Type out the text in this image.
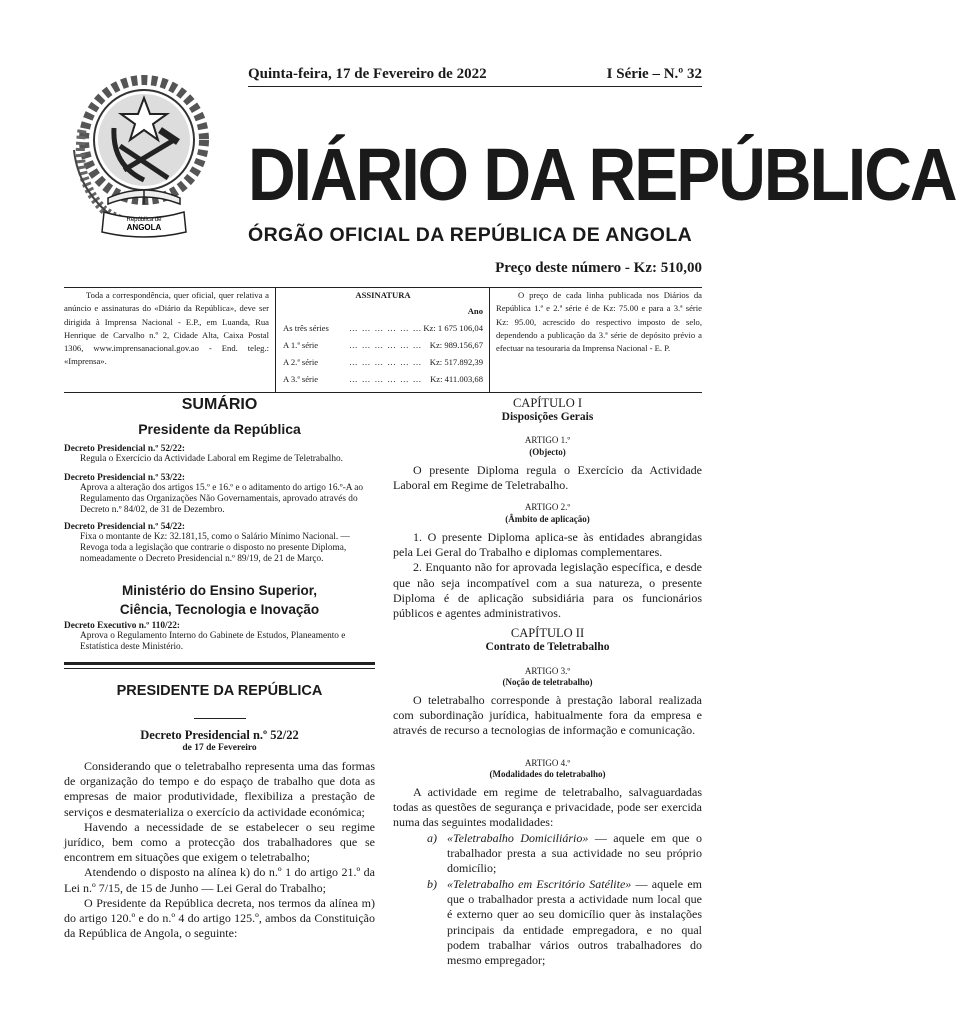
República de
ANGOLA
Quinta-feira, 17 de Fevereiro de 2022	I Série – N.º 32
DIÁRIO DA REPÚBLICA
ÓRGÃO OFICIAL DA REPÚBLICA DE ANGOLA
Preço deste número - Kz: 510,00
Toda a correspondência, quer oficial, quer relativa a anúncio e assinaturas do «Diário da República», deve ser dirigida à Imprensa Nacional - E.P., em Luanda, Rua Henrique de Carvalho n.º 2, Cidade Alta, Caixa Postal 1306, www.imprensanacional.gov.ao - End. teleg.: «Imprensa».
ASSINATURA
Ano
As três séries … … … … … … Kz: 1 675 106,04
A 1.ª série	… … … … … … Kz: 989.156,67
A 2.ª série	… … … … … … Kz: 517.892,39
A 3.ª série	… … … … … … Kz: 411.003,68
O preço de cada linha publicada nos Diários da República 1.ª e 2.ª série é de Kz: 75.00 e para a 3.ª série Kz: 95.00, acrescido do respectivo imposto de selo, dependendo a publicação da 3.ª série de depósito prévio a efectuar na tesouraria da Imprensa Nacional - E. P.
SUMÁRIO
Presidente da República
Decreto Presidencial n.º 52/22:
Regula o Exercício da Actividade Laboral em Regime de Teletrabalho.
Decreto Presidencial n.º 53/22:
Aprova a alteração dos artigos 15.º e 16.º e o aditamento do artigo 16.º-A ao Regulamento das Organizações Não Governamentais, aprovado através do Decreto n.º 84/02, de 31 de Dezembro.
Decreto Presidencial n.º 54/22:
Fixa o montante de Kz: 32.181,15, como o Salário Mínimo Nacional. — Revoga toda a legislação que contrarie o disposto no presente Diploma, nomeadamente o Decreto Presidencial n.º 89/19, de 21 de Março.
Ministério do Ensino Superior,
Ciência, Tecnologia e Inovação
Decreto Executivo n.º 110/22:
Aprova o Regulamento Interno do Gabinete de Estudos, Planeamento e Estatística deste Ministério.
PRESIDENTE DA REPÚBLICA
Decreto Presidencial n.º 52/22
de 17 de Fevereiro
Considerando que o teletrabalho representa uma das formas de organização do tempo e do espaço de trabalho que dota as empresas de maior produtividade, flexibiliza a prestação de serviços e desmaterializa o exercício da actividade económica;
Havendo a necessidade de se estabelecer o seu regime jurídico, bem como a protecção dos trabalhadores que se encontrem em situações que exigem o teletrabalho;
Atendendo o disposto na alínea k) do n.º 1 do artigo 21.º da Lei n.º 7/15, de 15 de Junho — Lei Geral do Trabalho;
O Presidente da República decreta, nos termos da alínea m) do artigo 120.º e do n.º 4 do artigo 125.º, ambos da Constituição da República de Angola, o seguinte:
CAPÍTULO I
Disposições Gerais
ARTIGO 1.º
(Objecto)
O presente Diploma regula o Exercício da Actividade Laboral em Regime de Teletrabalho.
ARTIGO 2.º
(Âmbito de aplicação)
1. O presente Diploma aplica-se às entidades abrangidas pela Lei Geral do Trabalho e diplomas complementares.
2. Enquanto não for aprovada legislação específica, e desde que não seja incompatível com a sua natureza, o presente Diploma é de aplicação subsidiária para os funcionários públicos e agentes administrativos.
CAPÍTULO II
Contrato de Teletrabalho
ARTIGO 3.º
(Noção de teletrabalho)
O teletrabalho corresponde à prestação laboral realizada com subordinação jurídica, habitualmente fora da empresa e através de recurso a tecnologias de informação e comunicação.
ARTIGO 4.º
(Modalidades do teletrabalho)
A actividade em regime de teletrabalho, salvaguardadas todas as questões de segurança e privacidade, pode ser exercida numa das seguintes modalidades:
a) «Teletrabalho Domiciliário» — aquele em que o trabalhador presta a sua actividade no seu próprio domicílio;
b) «Teletrabalho em Escritório Satélite» — aquele em que o trabalhador presta a actividade num local que é externo quer ao seu domicílio quer às instalações principais da entidade empregadora, e no qual podem trabalhar vários outros trabalhadores do mesmo empregador;
